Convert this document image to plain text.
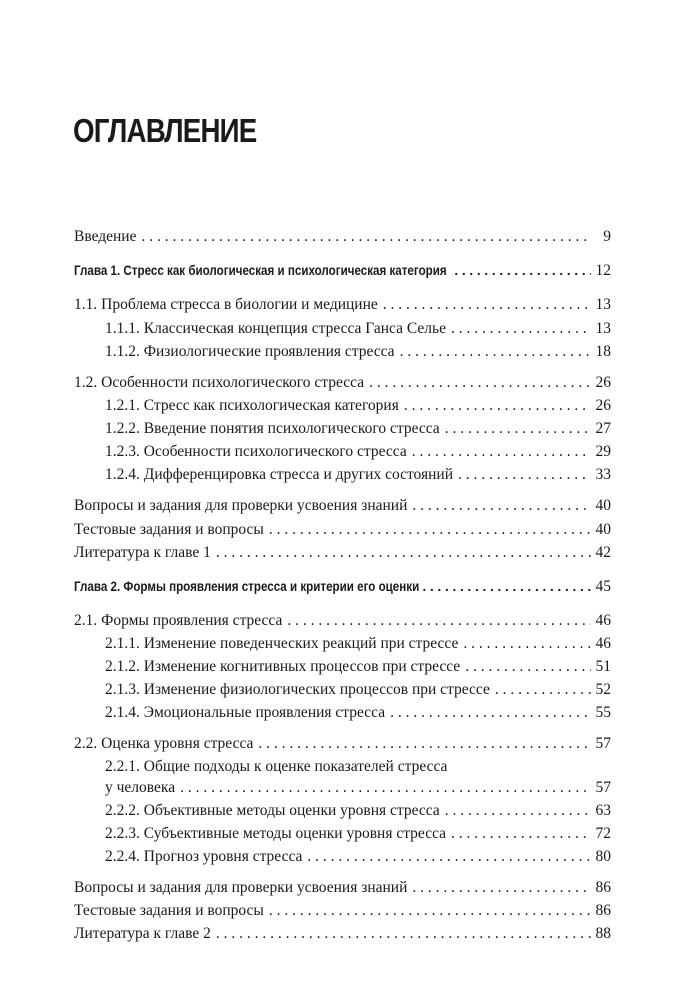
ОГЛАВЛЕНИЕ
Введение . . .	9
Глава 1. Стресс как биологическая и психологическая категория . . .	12
1.1. Проблема стресса в биологии и медицине . . .	13
1.1.1. Классическая концепция стресса Ганса Селье . . .	13
1.1.2. Физиологические проявления стресса . . .	18
1.2. Особенности психологического стресса . . .	26
1.2.1. Стресс как психологическая категория . . .	26
1.2.2. Введение понятия психологического стресса . . .	27
1.2.3. Особенности психологического стресса . . .	29
1.2.4. Дифференцировка стресса и других состояний . . .	33
Вопросы и задания для проверки усвоения знаний . . .	40
Тестовые задания и вопросы . . .	40
Литература к главе 1 . . .	42
Глава 2. Формы проявления стресса и критерии его оценки . . .	45
2.1. Формы проявления стресса . . .	46
2.1.1. Изменение поведенческих реакций при стрессе . . .	46
2.1.2. Изменение когнитивных процессов при стрессе . . .	51
2.1.3. Изменение физиологических процессов при стрессе . . .	52
2.1.4. Эмоциональные проявления стресса . . .	55
2.2. Оценка уровня стресса . . .	57
2.2.1. Общие подходы к оценке показателей стресса
у человека . . .	57
2.2.2. Объективные методы оценки уровня стресса . . .	63
2.2.3. Субъективные методы оценки уровня стресса . . .	72
2.2.4. Прогноз уровня стресса . . .	80
Вопросы и задания для проверки усвоения знаний . . .	86
Тестовые задания и вопросы . . .	86
Литература к главе 2 . . .	88
